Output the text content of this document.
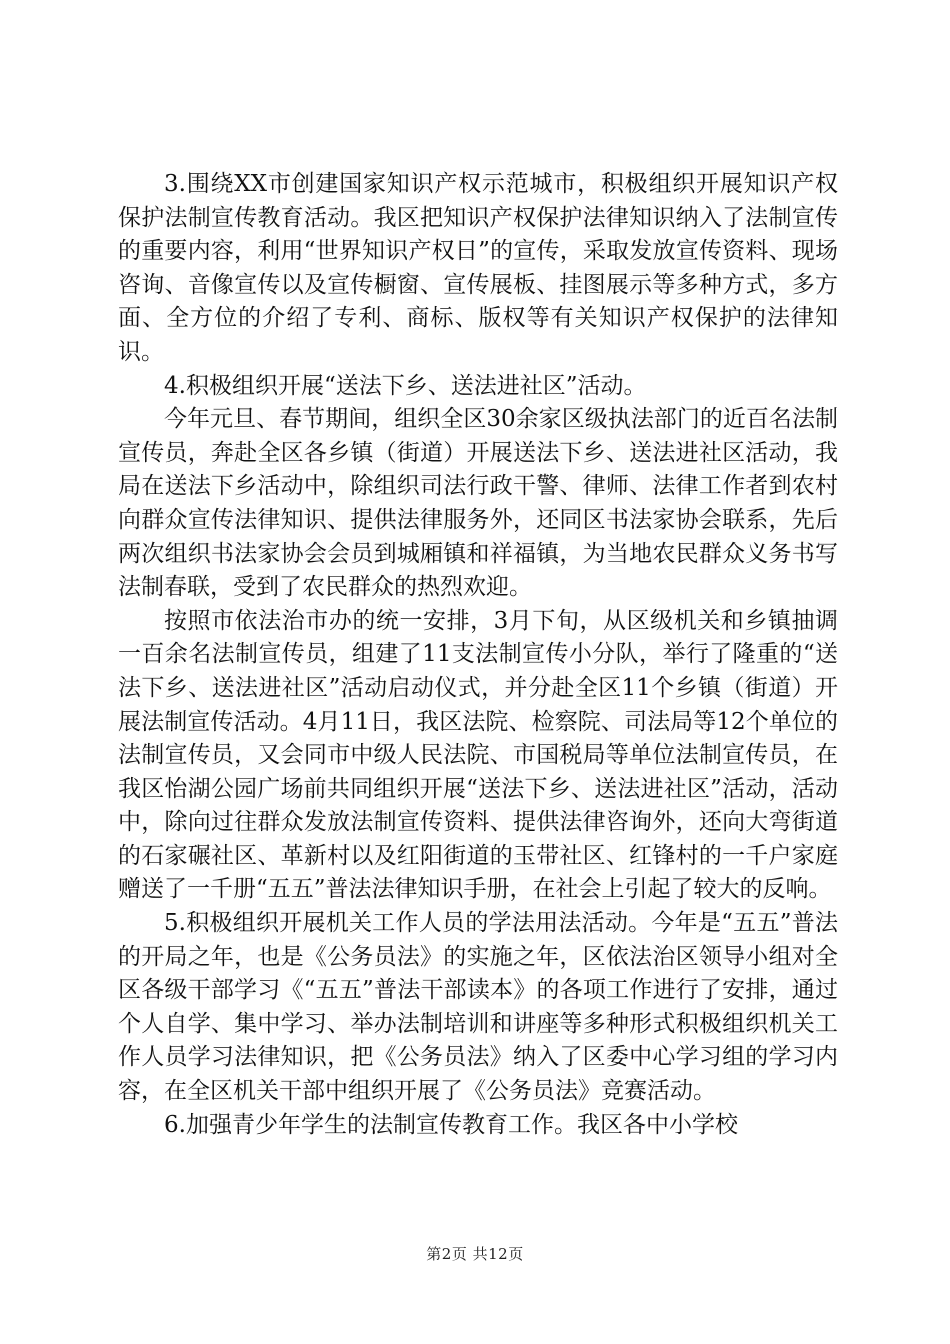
3.围绕XX市创建国家知识产权示范城市，积极组织开展知识产权保护法制宣传教育活动。我区把知识产权保护法律知识纳入了法制宣传的重要内容，利用“世界知识产权日”的宣传，采取发放宣传资料、现场咨询、音像宣传以及宣传橱窗、宣传展板、挂图展示等多种方式，多方面、全方位的介绍了专利、商标、版权等有关知识产权保护的法律知识。

4.积极组织开展“送法下乡、送法进社区”活动。

今年元旦、春节期间，组织全区30余家区级执法部门的近百名法制宣传员，奔赴全区各乡镇（街道）开展送法下乡、送法进社区活动，我局在送法下乡活动中，除组织司法行政干警、律师、法律工作者到农村向群众宣传法律知识、提供法律服务外，还同区书法家协会联系，先后两次组织书法家协会会员到城厢镇和祥福镇，为当地农民群众义务书写法制春联，受到了农民群众的热烈欢迎。

按照市依法治市办的统一安排，3月下旬，从区级机关和乡镇抽调一百余名法制宣传员，组建了11支法制宣传小分队，举行了隆重的“送法下乡、送法进社区”活动启动仪式，并分赴全区11个乡镇（街道）开展法制宣传活动。4月11日，我区法院、检察院、司法局等12个单位的法制宣传员，又会同市中级人民法院、市国税局等单位法制宣传员，在我区怡湖公园广场前共同组织开展“送法下乡、送法进社区”活动，活动中，除向过往群众发放法制宣传资料、提供法律咨询外，还向大弯街道的石家碾社区、革新村以及红阳街道的玉带社区、红锋村的一千户家庭赠送了一千册“五五”普法法律知识手册，在社会上引起了较大的反响。

5.积极组织开展机关工作人员的学法用法活动。今年是“五五”普法的开局之年，也是《公务员法》的实施之年，区依法治区领导小组对全区各级干部学习《“五五”普法干部读本》的各项工作进行了安排，通过个人自学、集中学习、举办法制培训和讲座等多种形式积极组织机关工作人员学习法律知识，把《公务员法》纳入了区委中心学习组的学习内容，在全区机关干部中组织开展了《公务员法》竞赛活动。

6.加强青少年学生的法制宣传教育工作。我区各中小学校

第2页 共12页
